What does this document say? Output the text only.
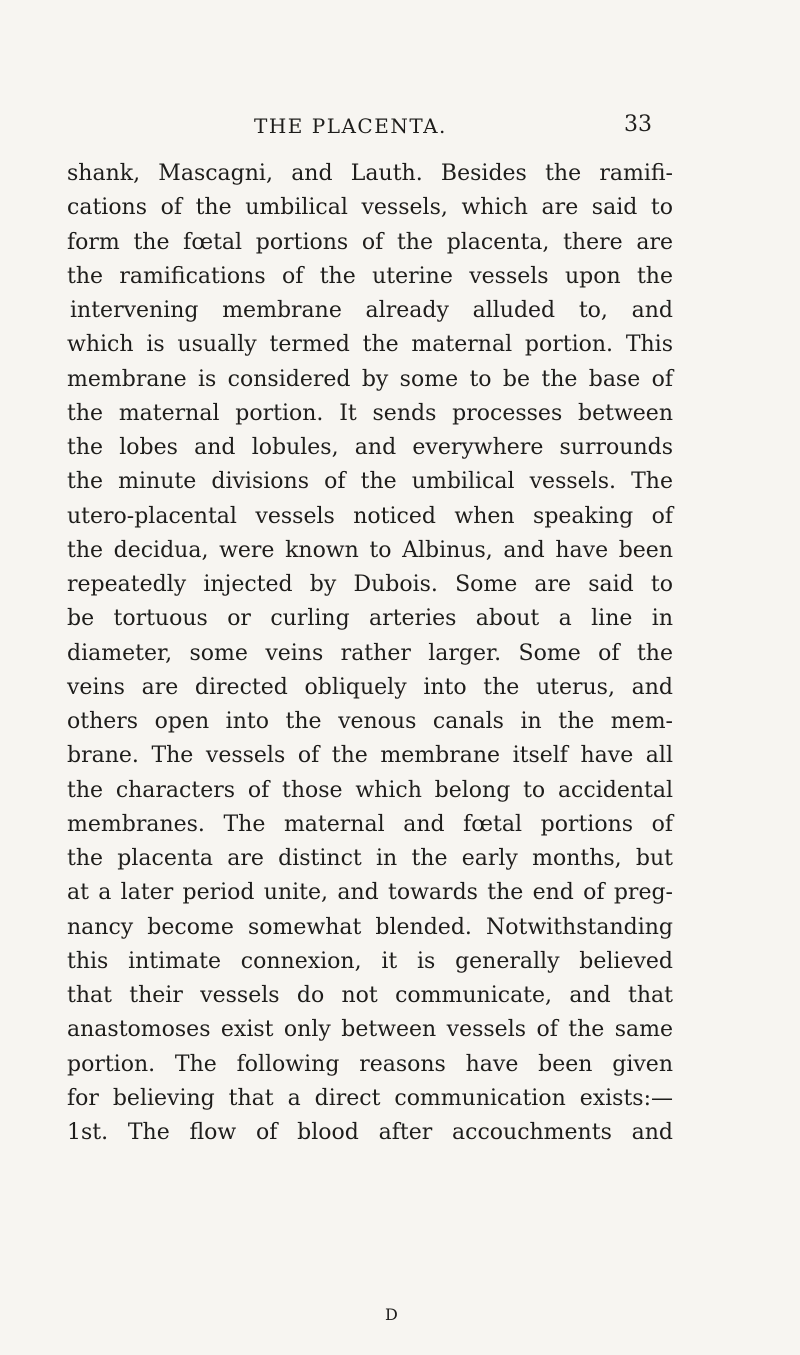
THE PLACENTA.	33
shank, Mascagni, and Lauth. Besides the ramifi-
cations of the umbilical vessels, which are said to
form the fœtal portions of the placenta, there are
the ramifications of the uterine vessels upon the
intervening membrane already alluded to, and
which is usually termed the maternal portion. This
membrane is considered by some to be the base of
the maternal portion. It sends processes between
the lobes and lobules, and everywhere surrounds
the minute divisions of the umbilical vessels. The
utero-placental vessels noticed when speaking of
the decidua, were known to Albinus, and have been
repeatedly injected by Dubois. Some are said to
be tortuous or curling arteries about a line in
diameter, some veins rather larger. Some of the
veins are directed obliquely into the uterus, and
others open into the venous canals in the mem-
brane. The vessels of the membrane itself have all
the characters of those which belong to accidental
membranes. The maternal and fœtal portions of
the placenta are distinct in the early months, but
at a later period unite, and towards the end of preg-
nancy become somewhat blended. Notwithstanding
this intimate connexion, it is generally believed
that their vessels do not communicate, and that
anastomoses exist only between vessels of the same
portion. The following reasons have been given
for believing that a direct communication exists:—
1st. The flow of blood after accouchments and
D
